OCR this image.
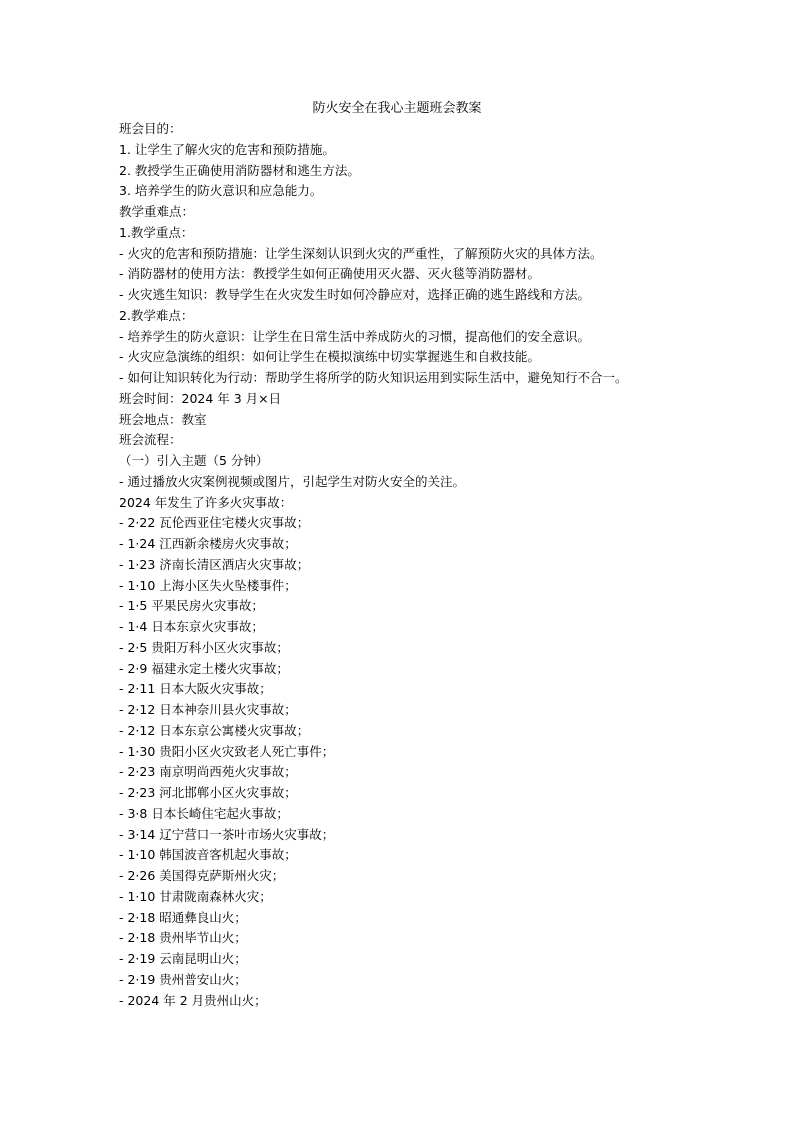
防火安全在我心主题班会教案
班会目的：
1. 让学生了解火灾的危害和预防措施。
2. 教授学生正确使用消防器材和逃生方法。
3. 培养学生的防火意识和应急能力。
教学重难点：
1.教学重点：
- 火灾的危害和预防措施：让学生深刻认识到火灾的严重性，了解预防火灾的具体方法。
- 消防器材的使用方法：教授学生如何正确使用灭火器、灭火毯等消防器材。
- 火灾逃生知识：教导学生在火灾发生时如何冷静应对，选择正确的逃生路线和方法。
2.教学难点：
- 培养学生的防火意识：让学生在日常生活中养成防火的习惯，提高他们的安全意识。
- 火灾应急演练的组织：如何让学生在模拟演练中切实掌握逃生和自救技能。
- 如何让知识转化为行动：帮助学生将所学的防火知识运用到实际生活中，避免知行不合一。
班会时间：2024 年 3 月×日
班会地点：教室
班会流程：
（一）引入主题（5 分钟）
- 通过播放火灾案例视频或图片，引起学生对防火安全的关注。
2024 年发生了许多火灾事故：
- 2·22 瓦伦西亚住宅楼火灾事故；
- 1·24 江西新余楼房火灾事故；
- 1·23 济南长清区酒店火灾事故；
- 1·10 上海小区失火坠楼事件；
- 1·5 平果民房火灾事故；
- 1·4 日本东京火灾事故；
- 2·5 贵阳万科小区火灾事故；
- 2·9 福建永定土楼火灾事故；
- 2·11 日本大阪火灾事故；
- 2·12 日本神奈川县火灾事故；
- 2·12 日本东京公寓楼火灾事故；
- 1·30 贵阳小区火灾致老人死亡事件；
- 2·23 南京明尚西苑火灾事故；
- 2·23 河北邯郸小区火灾事故；
- 3·8 日本长崎住宅起火事故；
- 3·14 辽宁营口一茶叶市场火灾事故；
- 1·10 韩国波音客机起火事故；
- 2·26 美国得克萨斯州火灾；
- 1·10 甘肃陇南森林火灾；
- 2·18 昭通彝良山火；
- 2·18 贵州毕节山火；
- 2·19 云南昆明山火；
- 2·19 贵州普安山火；
- 2024 年 2 月贵州山火；
